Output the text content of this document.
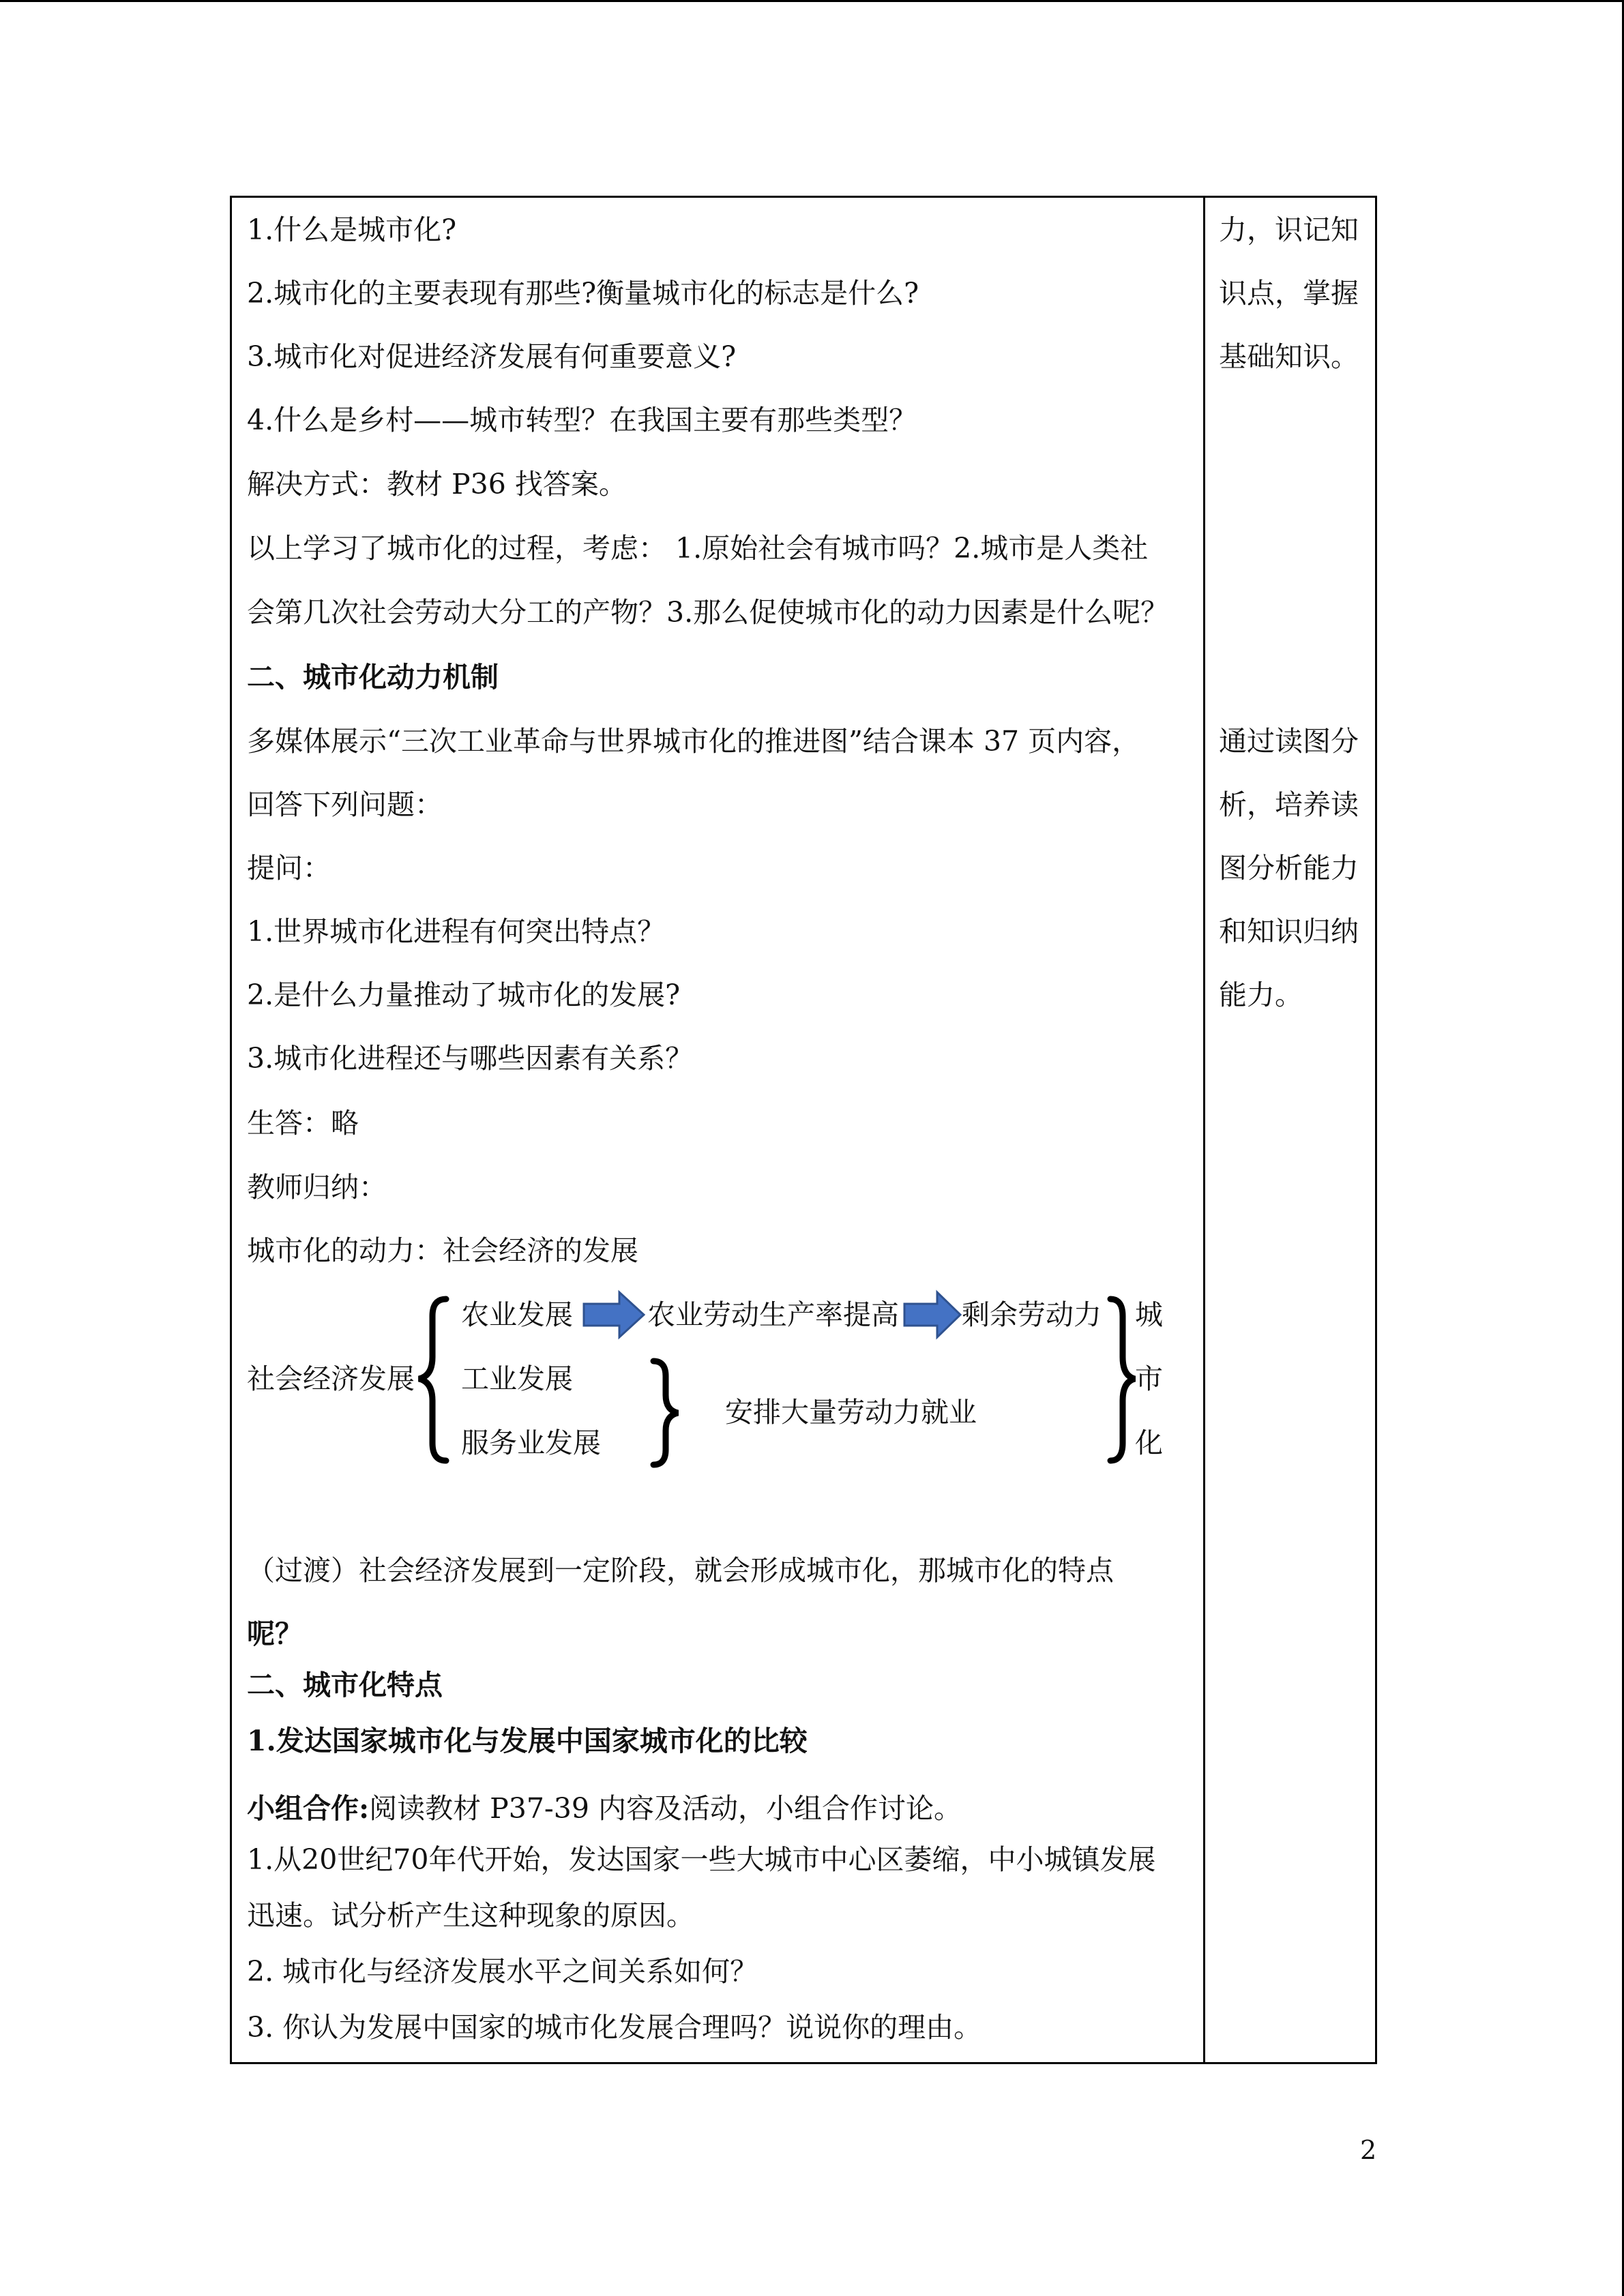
1.什么是城市化?
2.城市化的主要表现有那些?衡量城市化的标志是什么?
3.城市化对促进经济发展有何重要意义?
4.什么是乡村——城市转型？在我国主要有那些类型？
解决方式：教材 P36 找答案。
以上学习了城市化的过程，考虑： 1.原始社会有城市吗？2.城市是人类社
会第几次社会劳动大分工的产物？3.那么促使城市化的动力因素是什么呢？
二、城市化动力机制
多媒体展示“三次工业革命与世界城市化的推进图”结合课本 37 页内容，
回答下列问题：
提问：
1.世界城市化进程有何突出特点？
2.是什么力量推动了城市化的发展?
3.城市化进程还与哪些因素有关系？
生答：略
教师归纳：
城市化的动力：社会经济的发展
社会经济发展
农业发展	农业劳动生产率提高 剩余劳动力
工业发展
服务业发展
安排大量劳动力就业
城
市
化
（过渡）社会经济发展到一定阶段，就会形成城市化，那城市化的特点
呢？
二、城市化特点
1.发达国家城市化与发展中国家城市化的比较
小组合作:阅读教材 P37-39 内容及活动，小组合作讨论。
1.从20世纪70年代开始，发达国家一些大城市中心区萎缩，中小城镇发展
迅速。试分析产生这种现象的原因。
2. 城市化与经济发展水平之间关系如何？
3. 你认为发展中国家的城市化发展合理吗？说说你的理由。
力，识记知
识点，掌握
基础知识。
通过读图分
析，培养读
图分析能力
和知识归纳
能力。
2
